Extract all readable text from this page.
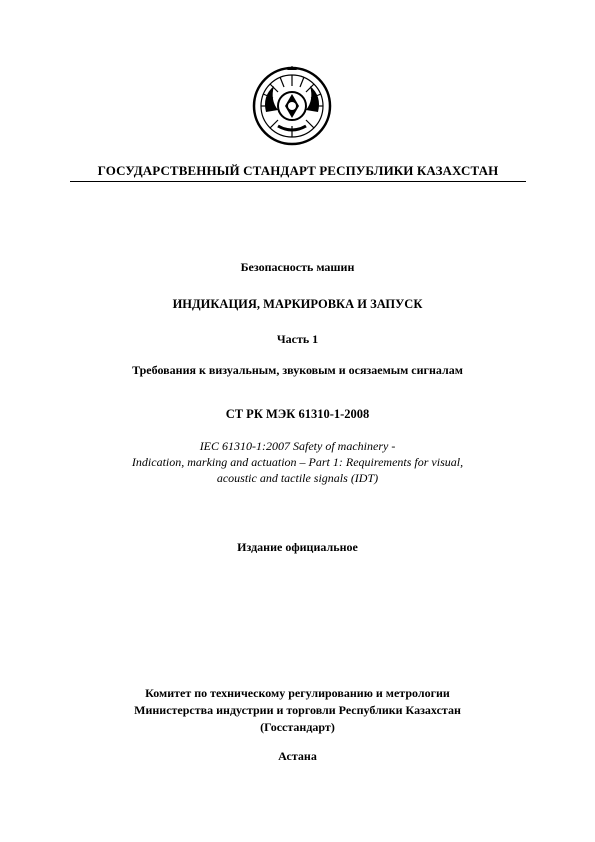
ГОСУДАРСТВЕННЫЙ СТАНДАРТ РЕСПУБЛИКИ КАЗАХСТАН
Безопасность машин
ИНДИКАЦИЯ, МАРКИРОВКА И ЗАПУСК
Часть 1
Требования к визуальным, звуковым и осязаемым сигналам
СТ РК МЭК 61310-1-2008
IEC 61310-1:2007 Safety of machinery -
Indication, marking and actuation – Part 1: Requirements for visual,
acoustic and tactile signals (IDT)
Издание официальное
Комитет по техническому регулированию и метрологии
Министерства индустрии и торговли Республики Казахстан
(Госстандарт)
Астана
